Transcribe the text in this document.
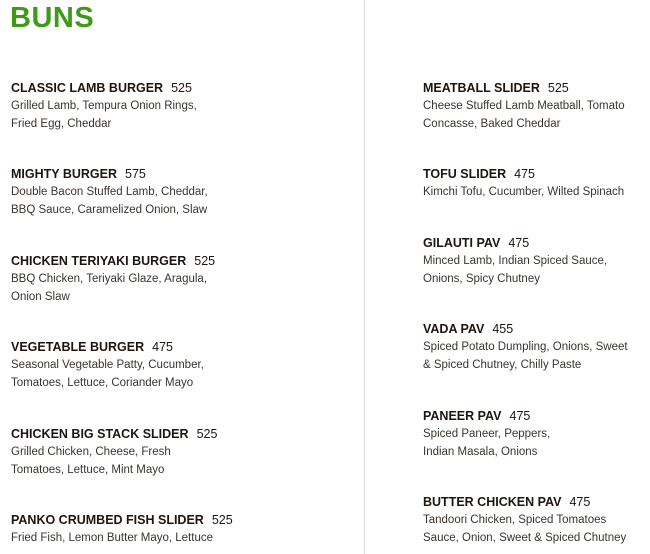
BUNS
CLASSIC LAMB BURGER 525
Grilled Lamb, Tempura Onion Rings, Fried Egg, Cheddar
MIGHTY BURGER 575
Double Bacon Stuffed Lamb, Cheddar, BBQ Sauce, Caramelized Onion, Slaw
CHICKEN TERIYAKI BURGER 525
BBQ Chicken, Teriyaki Glaze, Aragula, Onion Slaw
VEGETABLE BURGER 475
Seasonal Vegetable Patty, Cucumber, Tomatoes, Lettuce, Coriander Mayo
CHICKEN BIG STACK SLIDER 525
Grilled Chicken, Cheese, Fresh Tomatoes, Lettuce, Mint Mayo
PANKO CRUMBED FISH SLIDER 525
Fried Fish, Lemon Butter Mayo, Lettuce
MEATBALL SLIDER 525
Cheese Stuffed Lamb Meatball, Tomato Concasse, Baked Cheddar
TOFU SLIDER 475
Kimchi Tofu, Cucumber, Wilted Spinach
GILAUTI PAV 475
Minced Lamb, Indian Spiced Sauce, Onions, Spicy Chutney
VADA PAV 455
Spiced Potato Dumpling, Onions, Sweet & Spiced Chutney, Chilly Paste
PANEER PAV 475
Spiced Paneer, Peppers, Indian Masala, Onions
BUTTER CHICKEN PAV 475
Tandoori Chicken, Spiced Tomatoes Sauce, Onion, Sweet & Spiced Chutney
